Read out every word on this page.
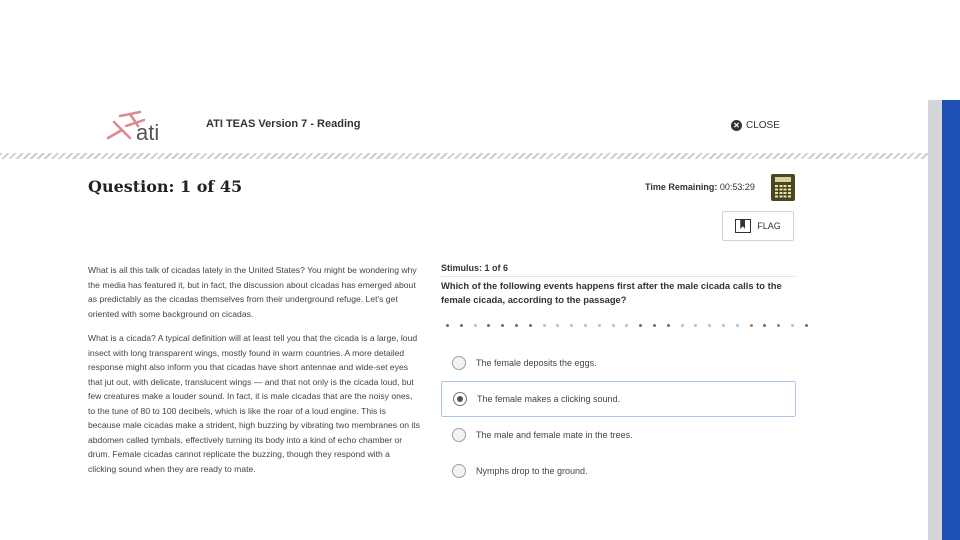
ati	ATI TEAS Version 7 - Reading	✕ CLOSE
Question: 1 of 45	Time Remaining: 00:53:29
FLAG

What is all this talk of cicadas lately in the United States? You might be wondering why the media has featured it, but in fact, the discussion about cicadas has emerged about as predictably as the cicadas themselves from their underground refuge. Let's get oriented with some background on cicadas.

What is a cicada? A typical definition will at least tell you that the cicada is a large, loud insect with long transparent wings, mostly found in warm countries. A more detailed response might also inform you that cicadas have short antennae and wide-set eyes that jut out, with delicate, translucent wings — and that not only is the cicada loud, but few creatures make a louder sound. In fact, it is male cicadas that are the noisy ones, to the tune of 80 to 100 decibels, which is like the roar of a loud engine. This is because male cicadas make a strident, high buzzing by vibrating two membranes on its abdomen called tymbals, effectively turning its body into a kind of echo chamber or drum. Female cicadas cannot replicate the buzzing, though they respond with a clicking sound when they are ready to mate.

Stimulus: 1 of 6
Which of the following events happens first after the male cicada calls to the female cicada, according to the passage?
The female deposits the eggs.
The female makes a clicking sound.
The male and female mate in the trees.
Nymphs drop to the ground.
